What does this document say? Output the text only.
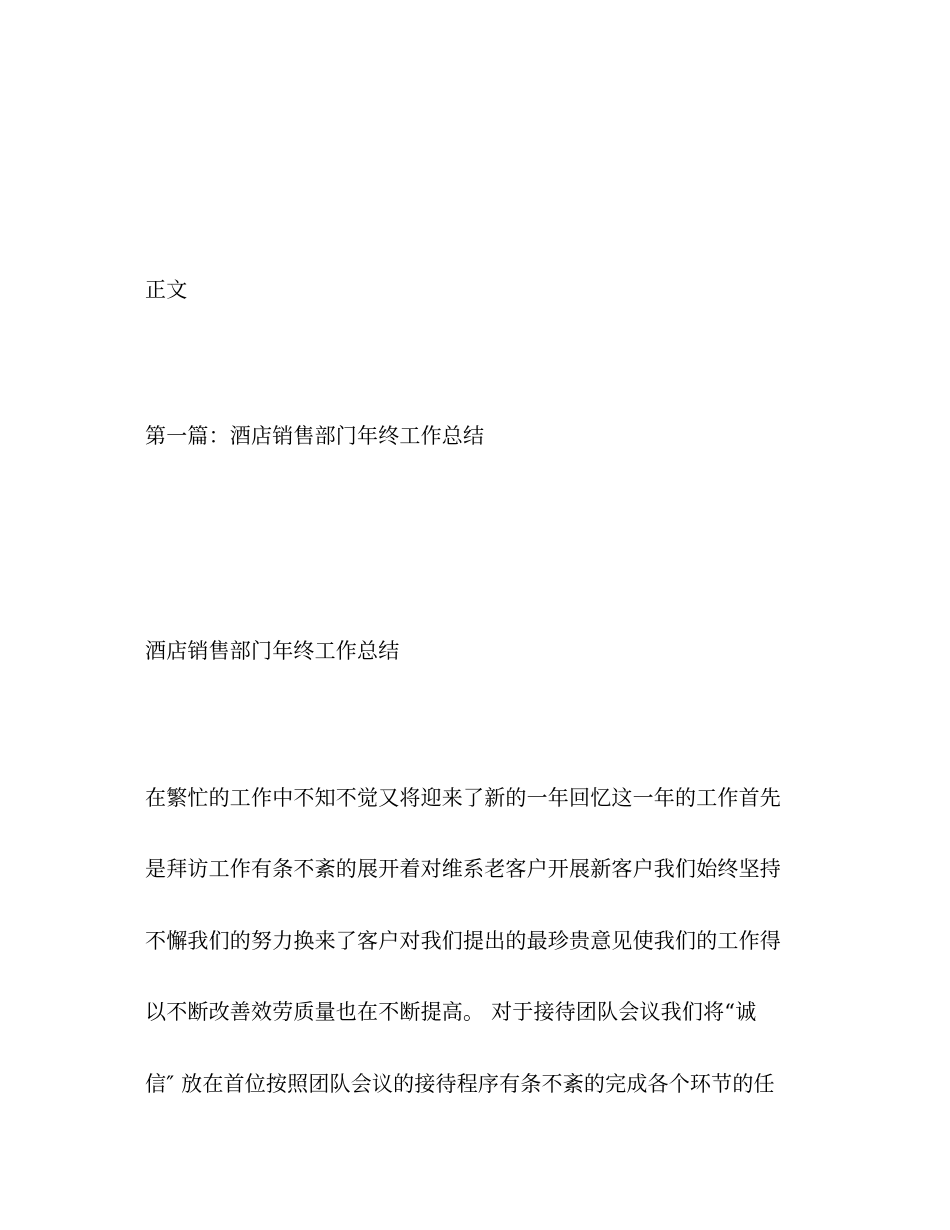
正文
第一篇：酒店销售部门年终工作总结
酒店销售部门年终工作总结
在繁忙的工作中不知不觉又将迎来了新的一年回忆这一年的工作首先
是拜访工作有条不紊的展开着对维系老客户开展新客户我们始终坚持
不懈我们的努力换来了客户对我们提出的最珍贵意见使我们的工作得
以不断改善效劳质量也在不断提高。 对于接待团队会议我们将“诚
信″ 放在首位按照团队会议的接待程序有条不紊的完成各个环节的任
